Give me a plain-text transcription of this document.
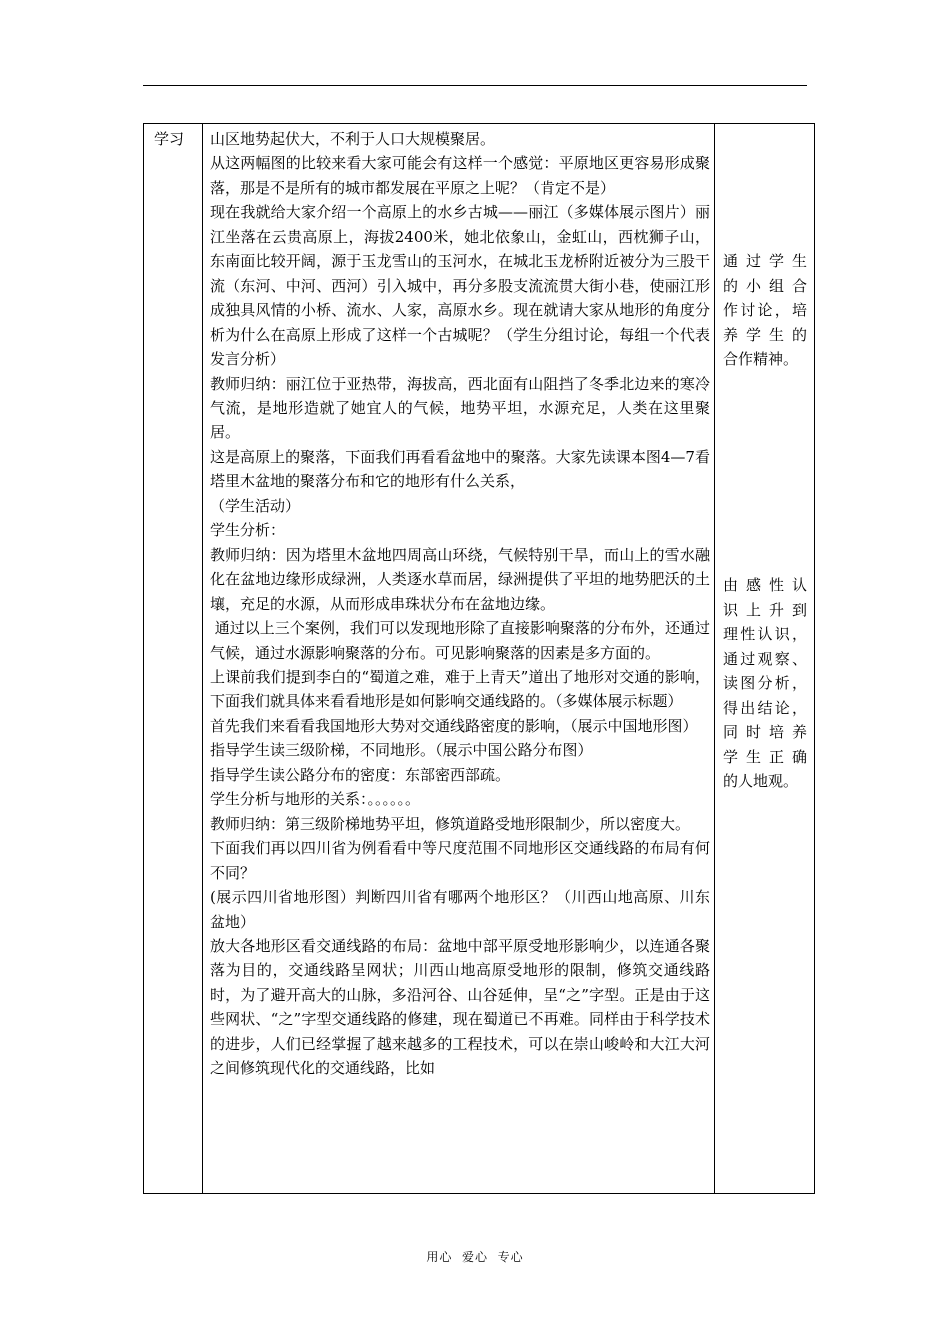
学习 山区地势起伏大，不利于人口大规模聚居。

从这两幅图的比较来看大家可能会有这样一个感觉：平原地区更容易形成聚落，那是不是所有的城市都发展在平原之上呢？（肯定不是）

现在我就给大家介绍一个高原上的水乡古城——丽江（多媒体展示图片）丽江坐落在云贵高原上，海拔2400米，她北依象山，金虹山，西枕狮子山，东南面比较开阔，源于玉龙雪山的玉河水，在城北玉龙桥附近被分为三股干流（东河、中河、西河）引入城中，再分多股支流流贯大街小巷，使丽江形成独具风情的小桥、流水、人家，高原水乡。现在就请大家从地形的角度分析为什么在高原上形成了这样一个古城呢？（学生分组讨论，每组一个代表发言分析）

教师归纳：丽江位于亚热带，海拔高，西北面有山阻挡了冬季北边来的寒冷气流，是地形造就了她宜人的气候，地势平坦，水源充足，人类在这里聚居。

这是高原上的聚落，下面我们再看看盆地中的聚落。大家先读课本图4—7看塔里木盆地的聚落分布和它的地形有什么关系，

（学生活动）

学生分析：

教师归纳：因为塔里木盆地四周高山环绕，气候特别干旱，而山上的雪水融化在盆地边缘形成绿洲，人类逐水草而居，绿洲提供了平坦的地势肥沃的土壤，充足的水源，从而形成串珠状分布在盆地边缘。

通过以上三个案例，我们可以发现地形除了直接影响聚落的分布外，还通过气候，通过水源影响聚落的分布。可见影响聚落的因素是多方面的。

上课前我们提到李白的“蜀道之难，难于上青天”道出了地形对交通的影响，下面我们就具体来看看地形是如何影响交通线路的。（多媒体展示标题）

首先我们来看看我国地形大势对交通线路密度的影响，（展示中国地形图）

指导学生读三级阶梯，不同地形。（展示中国公路分布图）

指导学生读公路分布的密度：东部密西部疏。

学生分析与地形的关系：。。。。。。

教师归纳：第三级阶梯地势平坦，修筑道路受地形限制少，所以密度大。

下面我们再以四川省为例看看中等尺度范围不同地形区交通线路的布局有何不同？

(展示四川省地形图）判断四川省有哪两个地形区？（川西山地高原、川东盆地）

放大各地形区看交通线路的布局：盆地中部平原受地形影响少，以连通各聚落为目的，交通线路呈网状；川西山地高原受地形的限制，修筑交通线路时，为了避开高大的山脉，多沿河谷、山谷延伸，呈“之”字型。正是由于这些网状、“之”字型交通线路的修建，现在蜀道已不再难。同样由于科学技术的进步，人们已经掌握了越来越多的工程技术，可以在崇山峻岭和大江大河之间修筑现代化的交通线路，比如

通过学生

的小组合

作讨论，培

养学生的

合作精神。

由感性认

识上升到

理性认识，

通过观察、

读图分析，

得出结论，

同时培养

学生正确

的人地观。

用心  爱心  专心
